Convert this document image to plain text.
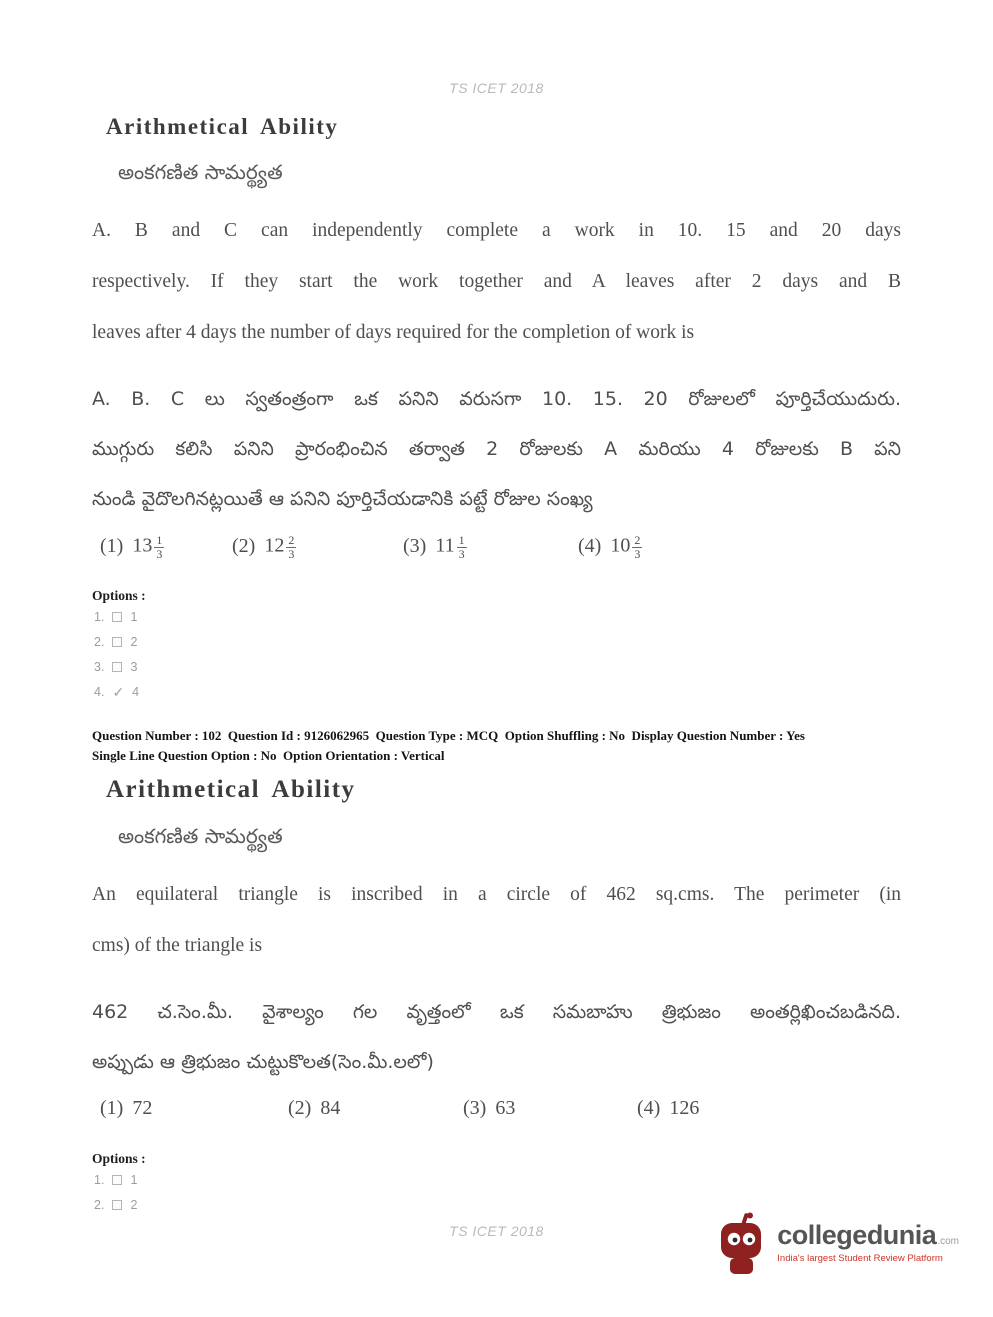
TS ICET 2018
Arithmetical Ability
అంకగణిత సామర్థ్యత
A. B and C can independently complete a work in 10. 15 and 20 days
respectively. If they start the work together and A leaves after 2 days and B
leaves after 4 days the number of days required for the completion of work is
A. B. C లు స్వతంత్రంగా ఒక పనిని వరుసగా 10. 15. 20 రోజులలో పూర్తిచేయుదురు.
ముగ్గురు కలిసి పనిని ప్రారంభించిన తర్వాత 2 రోజులకు A మరియు 4 రోజులకు B పని
నుండి వైదొలగినట్లయితే ఆ పనిని పూర్తిచేయడానికి పట్టే రోజుల సంఖ్య
(1) $13 \frac{1}{3}$	(2) $12 \frac{2}{3}$	(3) $11 \frac{1}{3}$	(4) $10 \frac{2}{3}$
Options :
1. 1
2. 2
3. 3
4. ✓ 4
Question Number : 102  Question Id : 9126062965  Question Type : MCQ  Option Shuffling : No  Display Question Number : Yes
Single Line Question Option : No  Option Orientation : Vertical
Arithmetical Ability
అంకగణిత సామర్థ్యత
An equilateral triangle is inscribed in a circle of 462 sq.cms. The perimeter (in
cms) of the triangle is
462 చ.సెం.మీ. వైశాల్యం గల వృత్తంలో ఒక సమబాహు త్రిభుజం అంతర్లిఖించబడినది.
అప్పుడు ఆ త్రిభుజం చుట్టుకొలత(సెం.మీ.లలో)
(1) 72	(2) 84	(3) 63	(4) 126
Options :
1. 1
2. 2
TS ICET 2018	collegedunia .com
India's largest Student Review Platform
